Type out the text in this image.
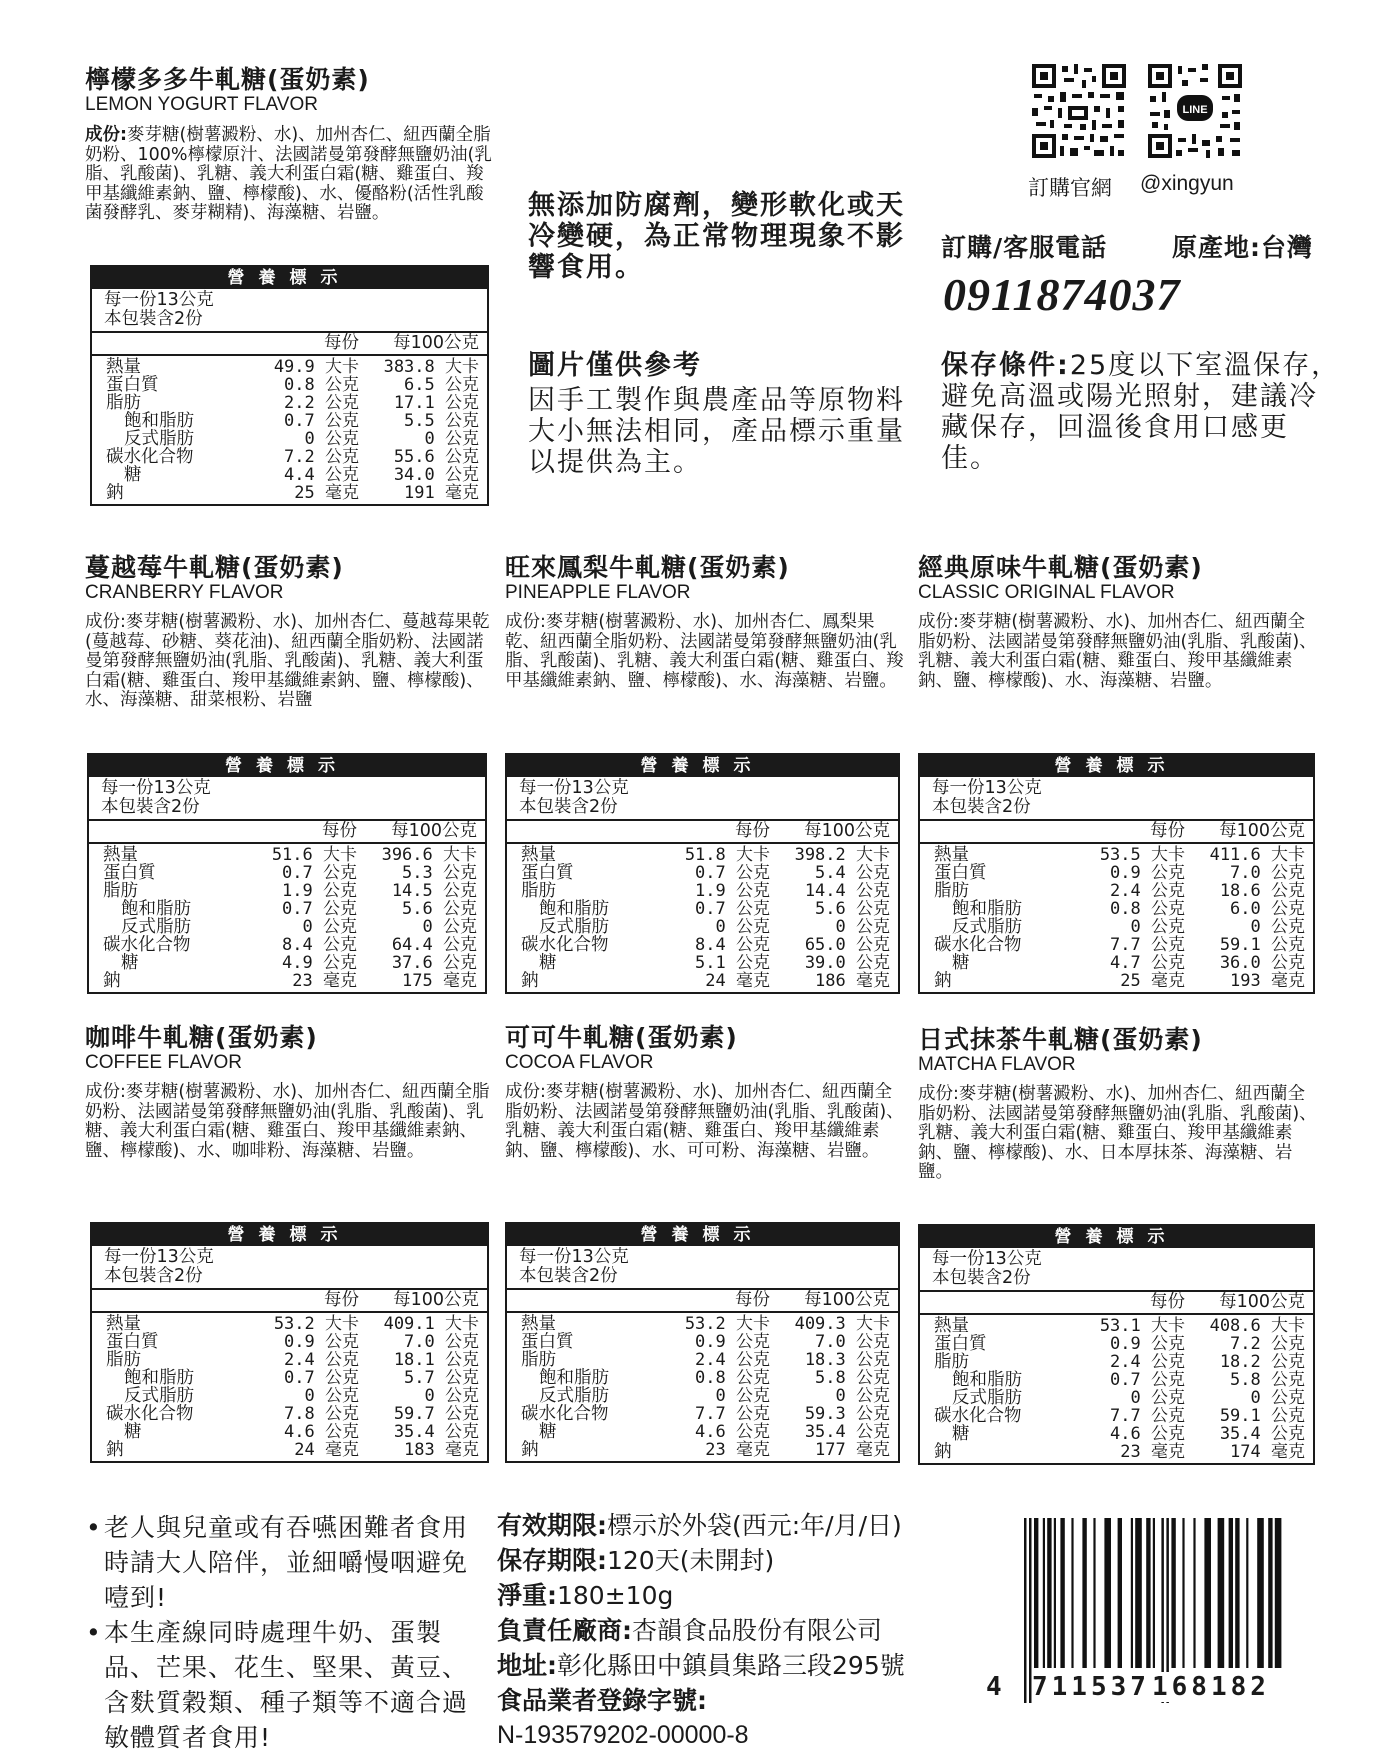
檸檬多多牛軋糖(蛋奶素)
LEMON YOGURT FLAVOR
成份:麥芽糖(樹薯澱粉、水)、加州杏仁、紐西蘭全脂奶粉、100%檸檬原汁、法國諾曼第發酵無鹽奶油(乳脂、乳酸菌)、乳糖、義大利蛋白霜(糖、雞蛋白、羧甲基纖維素鈉、鹽、檸檬酸)、水、優酪粉(活性乳酸菌發酵乳、麥芽糊精)、海藻糖、岩鹽。
營養標示
每一份13公克
本包裝含2份
每份	每100公克
熱量	49.9 大卡	383.8 大卡
蛋白質	0.8 公克	6.5 公克
脂肪	2.2 公克	17.1 公克
飽和脂肪	0.7 公克	5.5 公克
反式脂肪	0 公克	0 公克
碳水化合物	7.2 公克	55.6 公克
糖	4.4 公克	34.0 公克
鈉	25 毫克	191 毫克
無添加防腐劑，變形軟化或天冷變硬，為正常物理現象不影響食用。
圖片僅供參考
因手工製作與農產品等原物料大小無法相同，產品標示重量以提供為主。
LINE
訂購官網 @xingyun
訂購/客服電話	原產地:台灣
0911874037
保存條件:25度以下室溫保存，避免高溫或陽光照射，建議冷藏保存，回溫後食用口感更佳。
蔓越莓牛軋糖(蛋奶素)
CRANBERRY FLAVOR
成份:麥芽糖(樹薯澱粉、水)、加州杏仁、蔓越莓果乾(蔓越莓、砂糖、葵花油)、紐西蘭全脂奶粉、法國諾曼第發酵無鹽奶油(乳脂、乳酸菌)、乳糖、義大利蛋白霜(糖、雞蛋白、羧甲基纖維素鈉、鹽、檸檬酸)、水、海藻糖、甜菜根粉、岩鹽
營養標示
每一份13公克
本包裝含2份
每份	每100公克
熱量	51.6 大卡	396.6 大卡
蛋白質	0.7 公克	5.3 公克
脂肪	1.9 公克	14.5 公克
飽和脂肪	0.7 公克	5.6 公克
反式脂肪	0 公克	0 公克
碳水化合物	8.4 公克	64.4 公克
糖	4.9 公克	37.6 公克
鈉	23 毫克	175 毫克
旺來鳳梨牛軋糖(蛋奶素)
PINEAPPLE FLAVOR
成份:麥芽糖(樹薯澱粉、水)、加州杏仁、鳳梨果乾、紐西蘭全脂奶粉、法國諾曼第發酵無鹽奶油(乳脂、乳酸菌)、乳糖、義大利蛋白霜(糖、雞蛋白、羧甲基纖維素鈉、鹽、檸檬酸)、水、海藻糖、岩鹽。
營養標示
每一份13公克
本包裝含2份
每份	每100公克
熱量	51.8 大卡	398.2 大卡
蛋白質	0.7 公克	5.4 公克
脂肪	1.9 公克	14.4 公克
飽和脂肪	0.7 公克	5.6 公克
反式脂肪	0 公克	0 公克
碳水化合物	8.4 公克	65.0 公克
糖	5.1 公克	39.0 公克
鈉	24 毫克	186 毫克
經典原味牛軋糖(蛋奶素)
CLASSIC ORIGINAL FLAVOR
成份:麥芽糖(樹薯澱粉、水)、加州杏仁、紐西蘭全脂奶粉、法國諾曼第發酵無鹽奶油(乳脂、乳酸菌)、乳糖、義大利蛋白霜(糖、雞蛋白、羧甲基纖維素鈉、鹽、檸檬酸)、水、海藻糖、岩鹽。
營養標示
每一份13公克
本包裝含2份
每份	每100公克
熱量	53.5 大卡	411.6 大卡
蛋白質	0.9 公克	7.0 公克
脂肪	2.4 公克	18.6 公克
飽和脂肪	0.8 公克	6.0 公克
反式脂肪	0 公克	0 公克
碳水化合物	7.7 公克	59.1 公克
糖	4.7 公克	36.0 公克
鈉	25 毫克	193 毫克
咖啡牛軋糖(蛋奶素)
COFFEE FLAVOR
成份:麥芽糖(樹薯澱粉、水)、加州杏仁、紐西蘭全脂奶粉、法國諾曼第發酵無鹽奶油(乳脂、乳酸菌)、乳糖、義大利蛋白霜(糖、雞蛋白、羧甲基纖維素鈉、鹽、檸檬酸)、水、咖啡粉、海藻糖、岩鹽。
營養標示
每一份13公克
本包裝含2份
每份	每100公克
熱量	53.2 大卡	409.1 大卡
蛋白質	0.9 公克	7.0 公克
脂肪	2.4 公克	18.1 公克
飽和脂肪	0.7 公克	5.7 公克
反式脂肪	0 公克	0 公克
碳水化合物	7.8 公克	59.7 公克
糖	4.6 公克	35.4 公克
鈉	24 毫克	183 毫克
可可牛軋糖(蛋奶素)
COCOA FLAVOR
成份:麥芽糖(樹薯澱粉、水)、加州杏仁、紐西蘭全脂奶粉、法國諾曼第發酵無鹽奶油(乳脂、乳酸菌)、乳糖、義大利蛋白霜(糖、雞蛋白、羧甲基纖維素鈉、鹽、檸檬酸)、水、可可粉、海藻糖、岩鹽。
營養標示
每一份13公克
本包裝含2份
每份	每100公克
熱量	53.2 大卡	409.3 大卡
蛋白質	0.9 公克	7.0 公克
脂肪	2.4 公克	18.3 公克
飽和脂肪	0.8 公克	5.8 公克
反式脂肪	0 公克	0 公克
碳水化合物	7.7 公克	59.3 公克
糖	4.6 公克	35.4 公克
鈉	23 毫克	177 毫克
日式抹茶牛軋糖(蛋奶素)
MATCHA FLAVOR
成份:麥芽糖(樹薯澱粉、水)、加州杏仁、紐西蘭全脂奶粉、法國諾曼第發酵無鹽奶油(乳脂、乳酸菌)、乳糖、義大利蛋白霜(糖、雞蛋白、羧甲基纖維素鈉、鹽、檸檬酸)、水、日本厚抹茶、海藻糖、岩鹽。
營養標示
每一份13公克
本包裝含2份
每份	每100公克
熱量	53.1 大卡	408.6 大卡
蛋白質	0.9 公克	7.2 公克
脂肪	2.4 公克	18.2 公克
飽和脂肪	0.7 公克	5.8 公克
反式脂肪	0 公克	0 公克
碳水化合物	7.7 公克	59.1 公克
糖	4.6 公克	35.4 公克
鈉	23 毫克	174 毫克
• 老人與兒童或有吞嚥困難者食用時請大人陪伴，並細嚼慢咽避免噎到!
• 本生產線同時處理牛奶、蛋製品、芒果、花生、堅果、黃豆、含麩質穀類、種子類等不適合過敏體質者食用!
有效期限:標示於外袋(西元:年/月/日)
保存期限:120天(未開封)
淨重:180±10g
負責任廠商:杏韻食品股份有限公司
地址:彰化縣田中鎮員集路三段295號
食品業者登錄字號:
N-193579202-00000-8
4 711537 168182
